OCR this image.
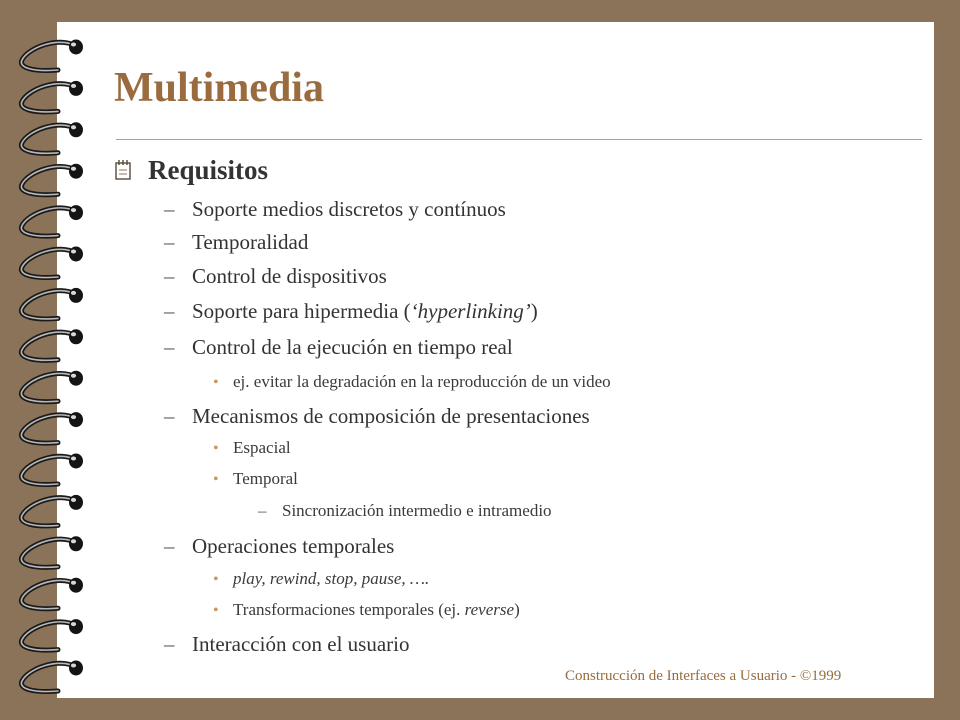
Multimedia
Requisitos
– Soporte medios discretos y contínuos
– Temporalidad
– Control de dispositivos
– Soporte para hipermedia (‘hyperlinking’)
– Control de la ejecución en tiempo real
• ej. evitar la degradación en la reproducción de un video
– Mecanismos de composición de presentaciones
• Espacial
• Temporal
– Sincronización intermedio e intramedio
– Operaciones temporales
• play, rewind, stop, pause, ….
• Transformaciones temporales (ej. reverse)
– Interacción con el usuario
Construcción de Interfaces a Usuario - ©1999
